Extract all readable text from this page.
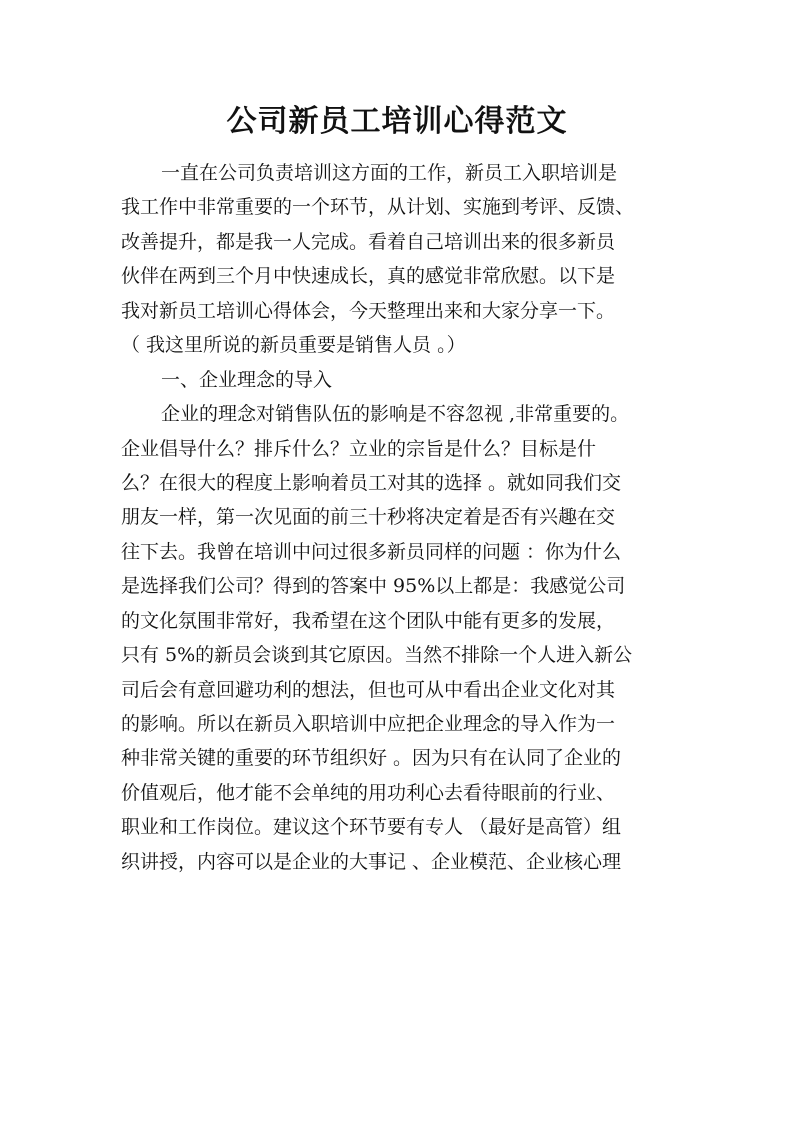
公司新员工培训心得范文
一直在公司负责培训这方面的工作，新员工入职培训是
我工作中非常重要的一个环节，从计划、实施到考评、反馈、
改善提升，都是我一人完成。看着自己培训出来的很多新员
伙伴在两到三个月中快速成长，真的感觉非常欣慰。以下是
我对新员工培训心得体会，今天整理出来和大家分享一下。
（ 我这里所说的新员重要是销售人员 。）
一、企业理念的导入
企业的理念对销售队伍的影响是不容忽视 ,非常重要的。
企业倡导什么？排斥什么？立业的宗旨是什么？目标是什
么？在很大的程度上影响着员工对其的选择 。就如同我们交
朋友一样，第一次见面的前三十秒将决定着是否有兴趣在交
往下去。我曾在培训中问过很多新员同样的问题 ：你为什么
是选择我们公司？得到的答案中 95%以上都是：我感觉公司
的文化氛围非常好，我希望在这个团队中能有更多的发展，
只有 5%的新员会谈到其它原因。当然不排除一个人进入新公
司后会有意回避功利的想法，但也可从中看出企业文化对其
的影响。所以在新员入职培训中应把企业理念的导入作为一
种非常关键的重要的环节组织好 。因为只有在认同了企业的
价值观后，他才能不会单纯的用功利心去看待眼前的行业、
职业和工作岗位。建议这个环节要有专人 （最好是高管）组
织讲授，内容可以是企业的大事记 、企业模范、企业核心理
